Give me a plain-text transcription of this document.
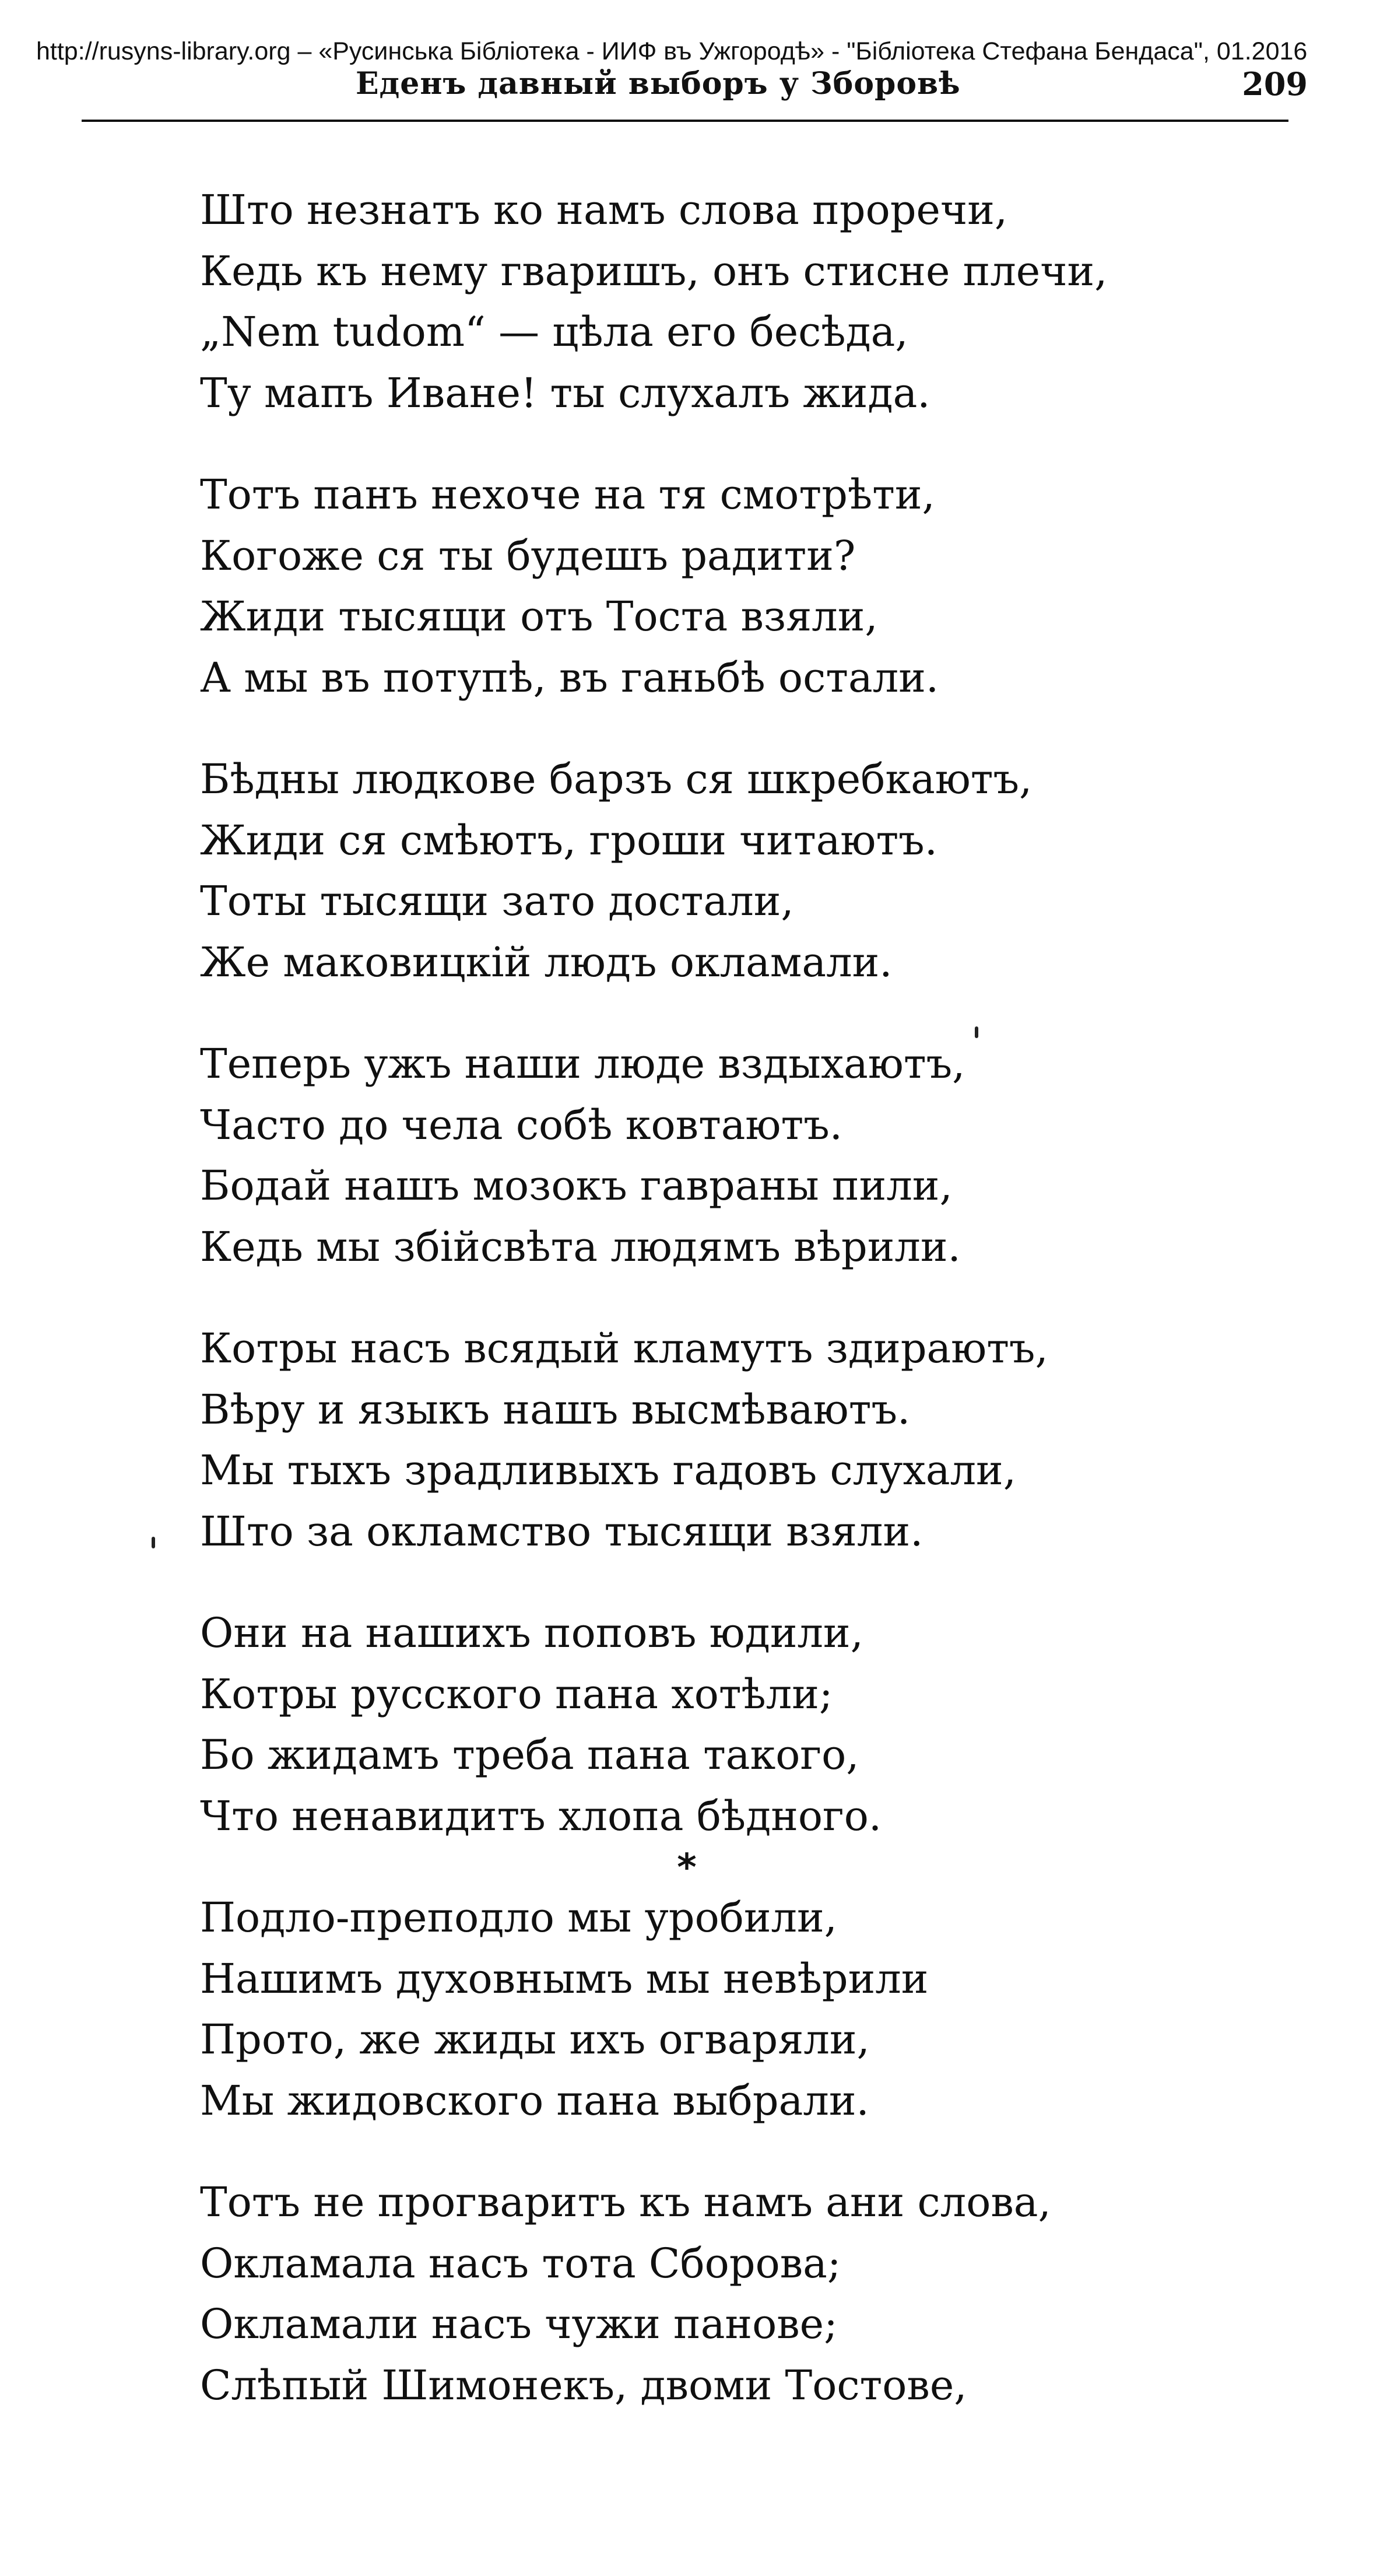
http://rusyns-library.org – «Русинська Бібліотека - ИИФ въ Ужгородѣ» - "Бібліотека Стефана Бендаса", 01.2016
Еденъ давный выборъ у Зборовѣ	209
Што незнатъ ко намъ слова проречи,
Кедь къ нему гваришъ, онъ стисне плечи,
„Nem tudom“ — цѣла его бесѣда,
Ту мапъ Иване! ты слухалъ жида.
Тотъ панъ нехоче на тя смотрѣти,
Когоже ся ты будешъ радити?
Жиди тысящи отъ Тоста взяли,
А мы въ потупѣ, въ ганьбѣ остали.
Бѣдны людкове барзъ ся шкребкаютъ,
Жиди ся смѣютъ, гроши читаютъ.
Тоты тысящи зато достали,
Же маковицкій людъ окламали.
Теперь ужъ наши люде вздыхаютъ,
Часто до чела собѣ ковтаютъ.
Бодай нашъ мозокъ гавраны пили,
Кедь мы збійсвѣта людямъ вѣрили.
Котры насъ всядый кламутъ здираютъ,
Вѣру и языкъ нашъ высмѣваютъ.
Мы тыхъ зрадливыхъ гадовъ слухали,
Што за окламство тысящи взяли.
Они на нашихъ поповъ юдили,
Котры русского пана хотѣли;
Бо жидамъ треба пана такого,
Что ненавидитъ хлопа бѣдного.
Подло-преподло мы уробили,
Нашимъ духовнымъ мы невѣрили
Прото, же жиды ихъ огваряли,
Мы жидовского пана выбрали.
Тотъ не прогваритъ къ намъ ани слова,
Окламала насъ тота Сборова;
Окламали насъ чужи панове;
Слѣпый Шимонекъ, двоми Тостове,
*
